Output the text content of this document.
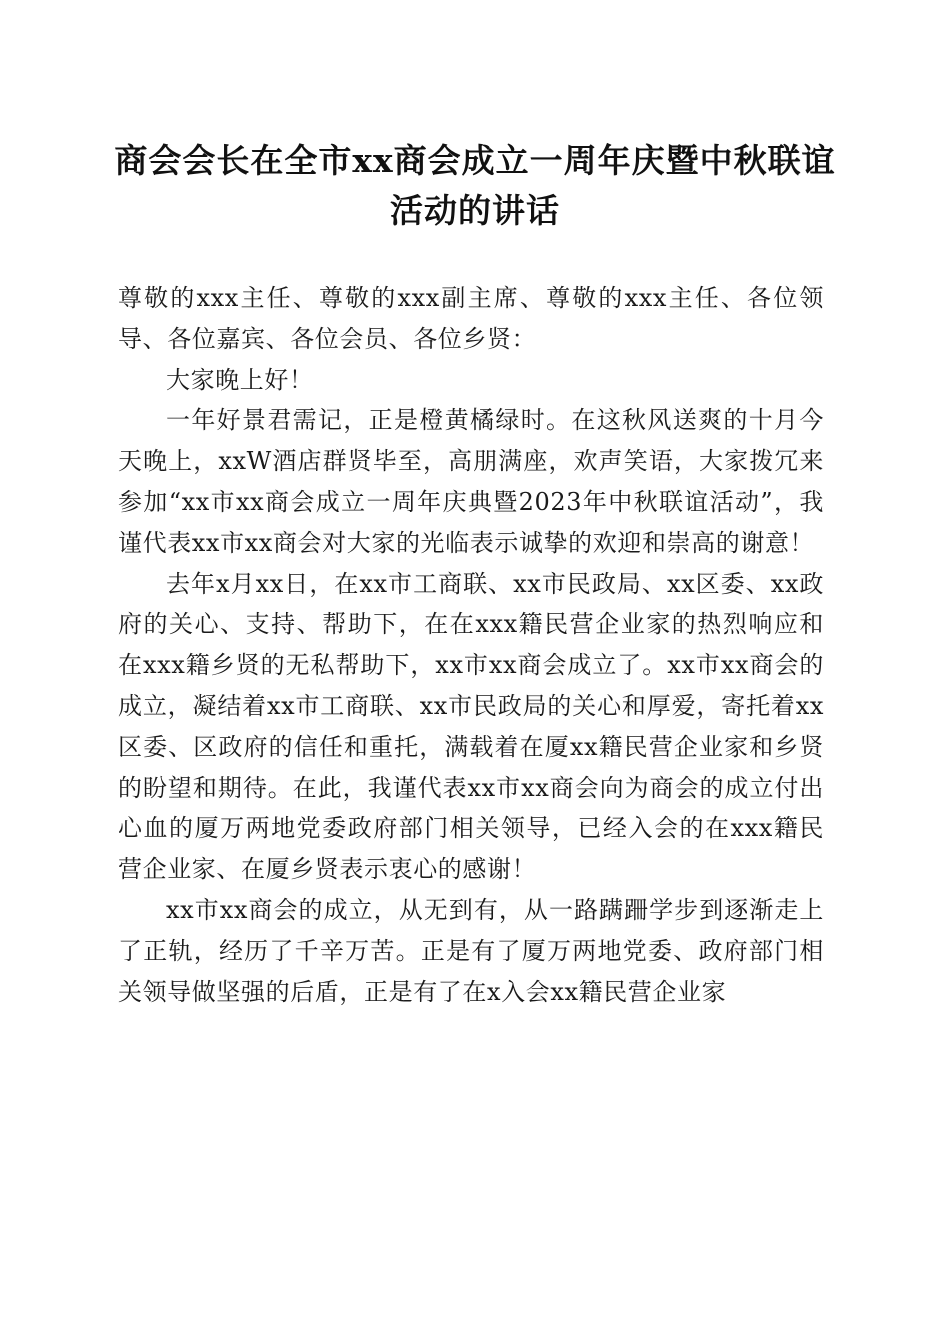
商会会长在全市xx商会成立一周年庆暨中秋联谊活动的讲话

尊敬的xxx主任、尊敬的xxx副主席、尊敬的xxx主任、各位领导、各位嘉宾、各位会员、各位乡贤：

大家晚上好！

一年好景君需记，正是橙黄橘绿时。在这秋风送爽的十月今天晚上，xxW酒店群贤毕至，高朋满座，欢声笑语，大家拨冗来参加“xx市xx商会成立一周年庆典暨2023年中秋联谊活动”，我谨代表xx市xx商会对大家的光临表示诚挚的欢迎和崇高的谢意！

去年x月xx日，在xx市工商联、xx市民政局、xx区委、xx政府的关心、支持、帮助下，在在xxx籍民营企业家的热烈响应和在xxx籍乡贤的无私帮助下，xx市xx商会成立了。xx市xx商会的成立，凝结着xx市工商联、xx市民政局的关心和厚爱，寄托着xx区委、区政府的信任和重托，满载着在厦xx籍民营企业家和乡贤的盼望和期待。在此，我谨代表xx市xx商会向为商会的成立付出心血的厦万两地党委政府部门相关领导，已经入会的在xxx籍民营企业家、在厦乡贤表示衷心的感谢！

xx市xx商会的成立，从无到有，从一路蹒跚学步到逐渐走上了正轨，经历了千辛万苦。正是有了厦万两地党委、政府部门相关领导做坚强的后盾，正是有了在x入会xx籍民营企业家
